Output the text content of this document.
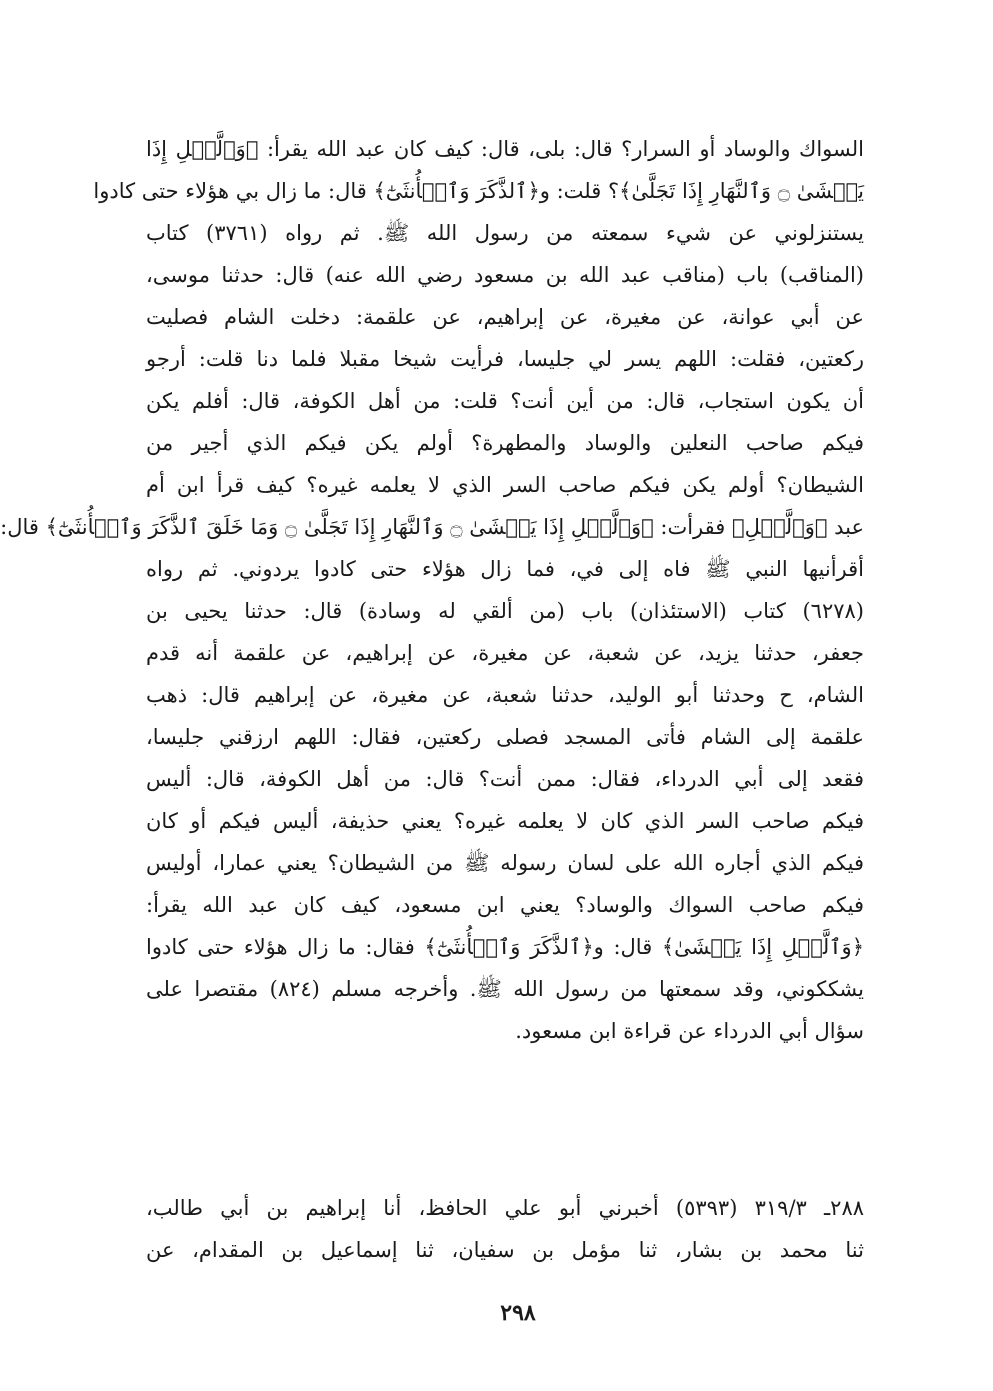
السواك والوساد أو السرار؟ قال: بلى، قال: كيف كان عبد الله يقرأ: ﴿وَٱلَّيۡلِ إِذَا
يَغۡشَىٰ ۝ وَٱلنَّهَارِ إِذَا تَجَلَّىٰ﴾؟ قلت: و﴿ٱلذَّكَرَ وَٱلۡأُنثَىٰٓ﴾ قال: ما زال بي هؤلاء حتى كادوا
يستنزلوني عن شيء سمعته من رسول الله ﷺ. ثم رواه (٣٧٦١) كتاب
(المناقب) باب (مناقب عبد الله بن مسعود رضي الله عنه) قال: حدثنا موسى،
عن أبي عوانة، عن مغيرة، عن إبراهيم، عن علقمة: دخلت الشام فصليت
ركعتين، فقلت: اللهم يسر لي جليسا، فرأيت شيخا مقبلا فلما دنا قلت: أرجو
أن يكون استجاب، قال: من أين أنت؟ قلت: من أهل الكوفة، قال: أفلم يكن
فيكم صاحب النعلين والوساد والمطهرة؟ أولم يكن فيكم الذي أجير من
الشيطان؟ أولم يكن فيكم صاحب السر الذي لا يعلمه غيره؟ كيف قرأ ابن أم
عبد ﴿وَٱلَّيۡلِ﴾ فقرأت: ﴿وَٱلَّيۡلِ إِذَا يَغۡشَىٰ ۝ وَٱلنَّهَارِ إِذَا تَجَلَّىٰ ۝ وَمَا خَلَقَ ٱلذَّكَرَ وَٱلۡأُنثَىٰٓ﴾ قال:
أقرأنيها النبي ﷺ فاه إلى في، فما زال هؤلاء حتى كادوا يردوني. ثم رواه
(٦٢٧٨) كتاب (الاستئذان) باب (من ألقي له وسادة) قال: حدثنا يحيى بن
جعفر، حدثنا يزيد، عن شعبة، عن مغيرة، عن إبراهيم، عن علقمة أنه قدم
الشام، ح وحدثنا أبو الوليد، حدثنا شعبة، عن مغيرة، عن إبراهيم قال: ذهب
علقمة إلى الشام فأتى المسجد فصلى ركعتين، فقال: اللهم ارزقني جليسا،
فقعد إلى أبي الدرداء، فقال: ممن أنت؟ قال: من أهل الكوفة، قال: أليس
فيكم صاحب السر الذي كان لا يعلمه غيره؟ يعني حذيفة، أليس فيكم أو كان
فيكم الذي أجاره الله على لسان رسوله ﷺ من الشيطان؟ يعني عمارا، أوليس
فيكم صاحب السواك والوساد؟ يعني ابن مسعود، كيف كان عبد الله يقرأ:
﴿وَٱلَّيۡلِ إِذَا يَغۡشَىٰ﴾ قال: و﴿ٱلذَّكَرَ وَٱلۡأُنثَىٰٓ﴾ فقال: ما زال هؤلاء حتى كادوا
يشككوني، وقد سمعتها من رسول الله ﷺ. وأخرجه مسلم (٨٢٤) مقتصرا على
سؤال أبي الدرداء عن قراءة ابن مسعود.
٢٨٨ـ ٣١٩/٣ (٥٣٩٣) أخبرني أبو علي الحافظ، أنا إبراهيم بن أبي طالب،
ثنا محمد بن بشار، ثنا مؤمل بن سفيان، ثنا إسماعيل بن المقدام، عن
٢٩٨
